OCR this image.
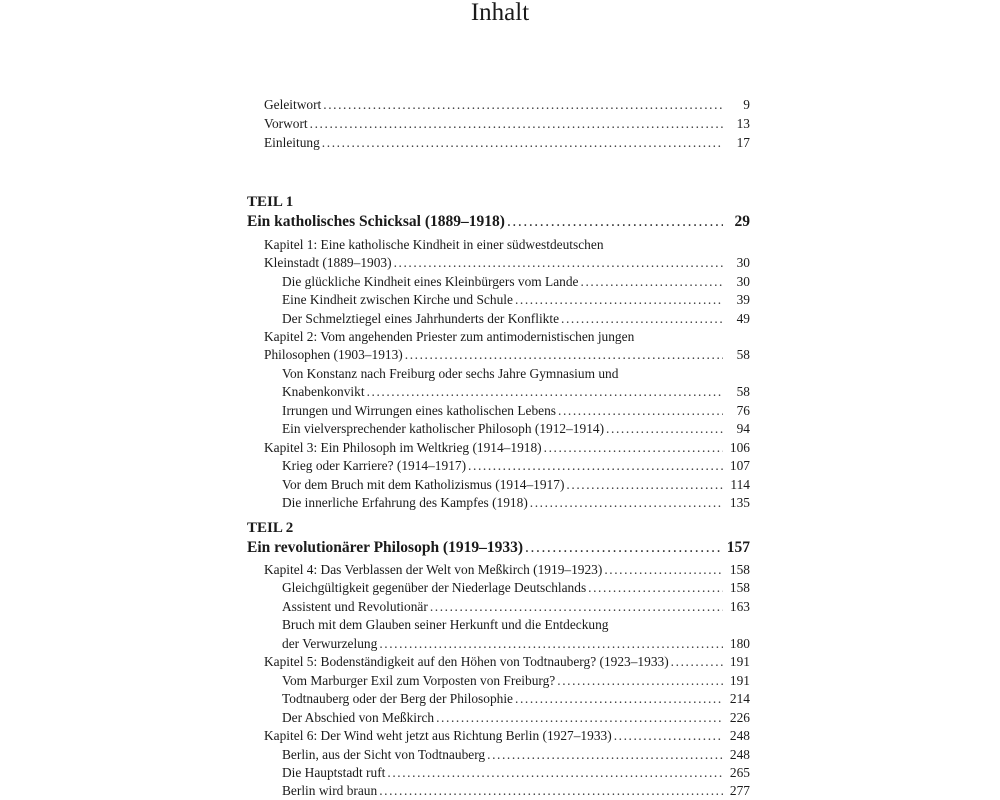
Inhalt
Geleitwort .....	9
Vorwort .....	13
Einleitung .....	17
TEIL 1
Ein katholisches Schicksal (1889–1918) .....	29
Kapitel 1: Eine katholische Kindheit in einer südwestdeutschen
Kleinstadt (1889–1903) .....	30
Die glückliche Kindheit eines Kleinbürgers vom Lande .....	30
Eine Kindheit zwischen Kirche und Schule .....	39
Der Schmelztiegel eines Jahrhunderts der Konflikte .....	49
Kapitel 2: Vom angehenden Priester zum antimodernistischen jungen
Philosophen (1903–1913) .....	58
Von Konstanz nach Freiburg oder sechs Jahre Gymnasium und
Knabenkonvikt .....	58
Irrungen und Wirrungen eines katholischen Lebens .....	76
Ein vielversprechender katholischer Philosoph (1912–1914) .....	94
Kapitel 3: Ein Philosoph im Weltkrieg (1914–1918) .....	106
Krieg oder Karriere? (1914–1917) .....	107
Vor dem Bruch mit dem Katholizismus (1914–1917) .....	114
Die innerliche Erfahrung des Kampfes (1918) .....	135
TEIL 2
Ein revolutionärer Philosoph (1919–1933) .....	157
Kapitel 4: Das Verblassen der Welt von Meßkirch (1919–1923) .....	158
Gleichgültigkeit gegenüber der Niederlage Deutschlands .....	158
Assistent und Revolutionär .....	163
Bruch mit dem Glauben seiner Herkunft und die Entdeckung
der Verwurzelung .....	180
Kapitel 5: Bodenständigkeit auf den Höhen von Todtnauberg? (1923–1933) .....	191
Vom Marburger Exil zum Vorposten von Freiburg? .....	191
Todtnauberg oder der Berg der Philosophie .....	214
Der Abschied von Meßkirch .....	226
Kapitel 6: Der Wind weht jetzt aus Richtung Berlin (1927–1933) .....	248
Berlin, aus der Sicht von Todtnauberg .....	248
Die Hauptstadt ruft .....	265
Berlin wird braun .....	277
